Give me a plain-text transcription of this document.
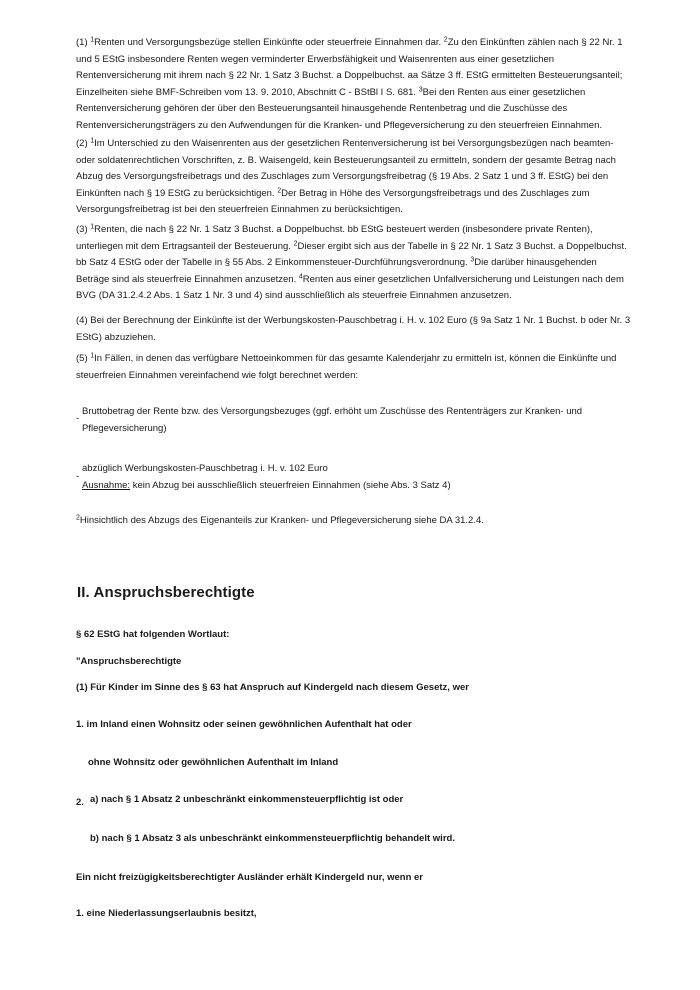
(1) $^1$Renten und Versorgungsbezüge stellen Einkünfte oder steuerfreie Einnahmen dar. $^2$Zu den Einkünften zählen nach § 22 Nr. 1 und 5 EStG insbesondere Renten wegen verminderter Erwerbsfähigkeit und Waisenrenten aus einer gesetzlichen Rentenversicherung mit ihrem nach § 22 Nr. 1 Satz 3 Buchst. a Doppelbuchst. aa Sätze 3 ff. EStG ermittelten Besteuerungsanteil; Einzelheiten siehe BMF-Schreiben vom 13. 9. 2010, Abschnitt C - BStBl I S. 681. $^3$Bei den Renten aus einer gesetzlichen Rentenversicherung gehören der über den Besteuerungsanteil hinausgehende Rentenbetrag und die Zuschüsse des Rentenversicherungsträgers zu den Aufwendungen für die Kranken- und Pflegeversicherung zu den steuerfreien Einnahmen.

(2) $^1$Im Unterschied zu den Waisenrenten aus der gesetzlichen Rentenversicherung ist bei Versorgungsbezügen nach beamten- oder soldatenrechtlichen Vorschriften, z. B. Waisengeld, kein Besteuerungsanteil zu ermitteln, sondern der gesamte Betrag nach Abzug des Versorgungsfreibetrags und des Zuschlages zum Versorgungsfreibetrag (§ 19 Abs. 2 Satz 1 und 3 ff. EStG) bei den Einkünften nach § 19 EStG zu berücksichtigen. $^2$Der Betrag in Höhe des Versorgungsfreibetrags und des Zuschlages zum Versorgungsfreibetrag ist bei den steuerfreien Einnahmen zu berücksichtigen.

(3) $^1$Renten, die nach § 22 Nr. 1 Satz 3 Buchst. a Doppelbuchst. bb EStG besteuert werden (insbesondere private Renten), unterliegen mit dem Ertragsanteil der Besteuerung. $^2$Dieser ergibt sich aus der Tabelle in § 22 Nr. 1 Satz 3 Buchst. a Doppelbuchst. bb Satz 4 EStG oder der Tabelle in § 55 Abs. 2 Einkommensteuer-Durchführungsverordnung. $^3$Die darüber hinausgehenden Beträge sind als steuerfreie Einnahmen anzusetzen. $^4$Renten aus einer gesetzlichen Unfallversicherung und Leistungen nach dem BVG (DA 31.2.4.2 Abs. 1 Satz 1 Nr. 3 und 4) sind ausschließlich als steuerfreie Einnahmen anzusetzen.

(4) Bei der Berechnung der Einkünfte ist der Werbungskosten-Pauschbetrag i. H. v. 102 Euro (§ 9a Satz 1 Nr. 1 Buchst. b oder Nr. 3 EStG) abzuziehen.

(5) $^1$In Fällen, in denen das verfügbare Nettoeinkommen für das gesamte Kalenderjahr zu ermitteln ist, können die Einkünfte und steuerfreien Einnahmen vereinfachend wie folgt berechnet werden:

-
Bruttobetrag der Rente bzw. des Versorgungsbezuges (ggf. erhöht um Zuschüsse des Rententrägers zur Kranken- und Pflegeversicherung)
-
abzüglich Werbungskosten-Pauschbetrag i. H. v. 102 Euro
Ausnahme: kein Abzug bei ausschließlich steuerfreien Einnahmen (siehe Abs. 3 Satz 4)

$^2$Hinsichtlich des Abzugs des Eigenanteils zur Kranken- und Pflegeversicherung siehe DA 31.2.4.

II. Anspruchsberechtigte
§ 62 EStG hat folgenden Wortlaut:
"Anspruchsberechtigte
(1) Für Kinder im Sinne des § 63 hat Anspruch auf Kindergeld nach diesem Gesetz, wer
1. im Inland einen Wohnsitz oder seinen gewöhnlichen Aufenthalt hat oder
ohne Wohnsitz oder gewöhnlichen Aufenthalt im Inland
2. a) nach § 1 Absatz 2 unbeschränkt einkommensteuerpflichtig ist oder
b) nach § 1 Absatz 3 als unbeschränkt einkommensteuerpflichtig behandelt wird.
Ein nicht freizügigkeitsberechtigter Ausländer erhält Kindergeld nur, wenn er
1. eine Niederlassungserlaubnis besitzt,
